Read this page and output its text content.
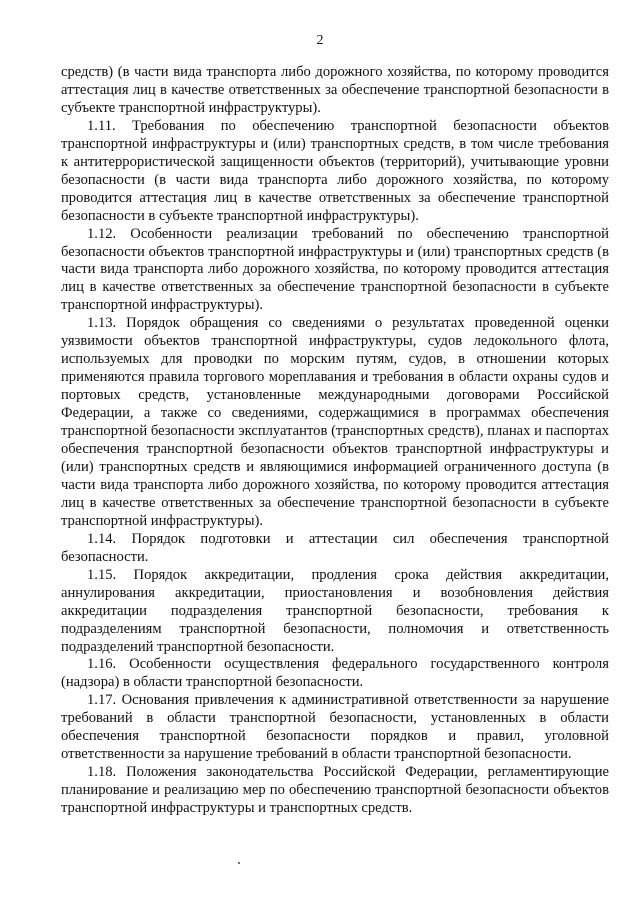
2

средств) (в части вида транспорта либо дорожного хозяйства, по которому проводится аттестация лиц в качестве ответственных за обеспечение транспортной безопасности в субъекте транспортной инфраструктуры).

1.11. Требования по обеспечению транспортной безопасности объектов транспортной инфраструктуры и (или) транспортных средств, в том числе требования к антитеррористической защищенности объектов (территорий), учитывающие уровни безопасности (в части вида транспорта либо дорожного хозяйства, по которому проводится аттестация лиц в качестве ответственных за обеспечение транспортной безопасности в субъекте транспортной инфраструктуры).

1.12. Особенности реализации требований по обеспечению транспортной безопасности объектов транспортной инфраструктуры и (или) транспортных средств (в части вида транспорта либо дорожного хозяйства, по которому проводится аттестация лиц в качестве ответственных за обеспечение транспортной безопасности в субъекте транспортной инфраструктуры).

1.13. Порядок обращения со сведениями о результатах проведенной оценки уязвимости объектов транспортной инфраструктуры, судов ледокольного флота, используемых для проводки по морским путям, судов, в отношении которых применяются правила торгового мореплавания и требования в области охраны судов и портовых средств, установленные международными договорами Российской Федерации, а также со сведениями, содержащимися в программах обеспечения транспортной безопасности эксплуатантов (транспортных средств), планах и паспортах обеспечения транспортной безопасности объектов транспортной инфраструктуры и (или) транспортных средств и являющимися информацией ограниченного доступа (в части вида транспорта либо дорожного хозяйства, по которому проводится аттестация лиц в качестве ответственных за обеспечение транспортной безопасности в субъекте транспортной инфраструктуры).

1.14. Порядок подготовки и аттестации сил обеспечения транспортной безопасности.

1.15. Порядок аккредитации, продления срока действия аккредитации, аннулирования аккредитации, приостановления и возобновления действия аккредитации подразделения транспортной безопасности, требования к подразделениям транспортной безопасности, полномочия и ответственность подразделений транспортной безопасности.

1.16. Особенности осуществления федерального государственного контроля (надзора) в области транспортной безопасности.

1.17. Основания привлечения к административной ответственности за нарушение требований в области транспортной безопасности, установленных в области обеспечения транспортной безопасности порядков и правил, уголовной ответственности за нарушение требований в области транспортной безопасности.

1.18. Положения законодательства Российской Федерации, регламентирующие планирование и реализацию мер по обеспечению транспортной безопасности объектов транспортной инфраструктуры и транспортных средств.
